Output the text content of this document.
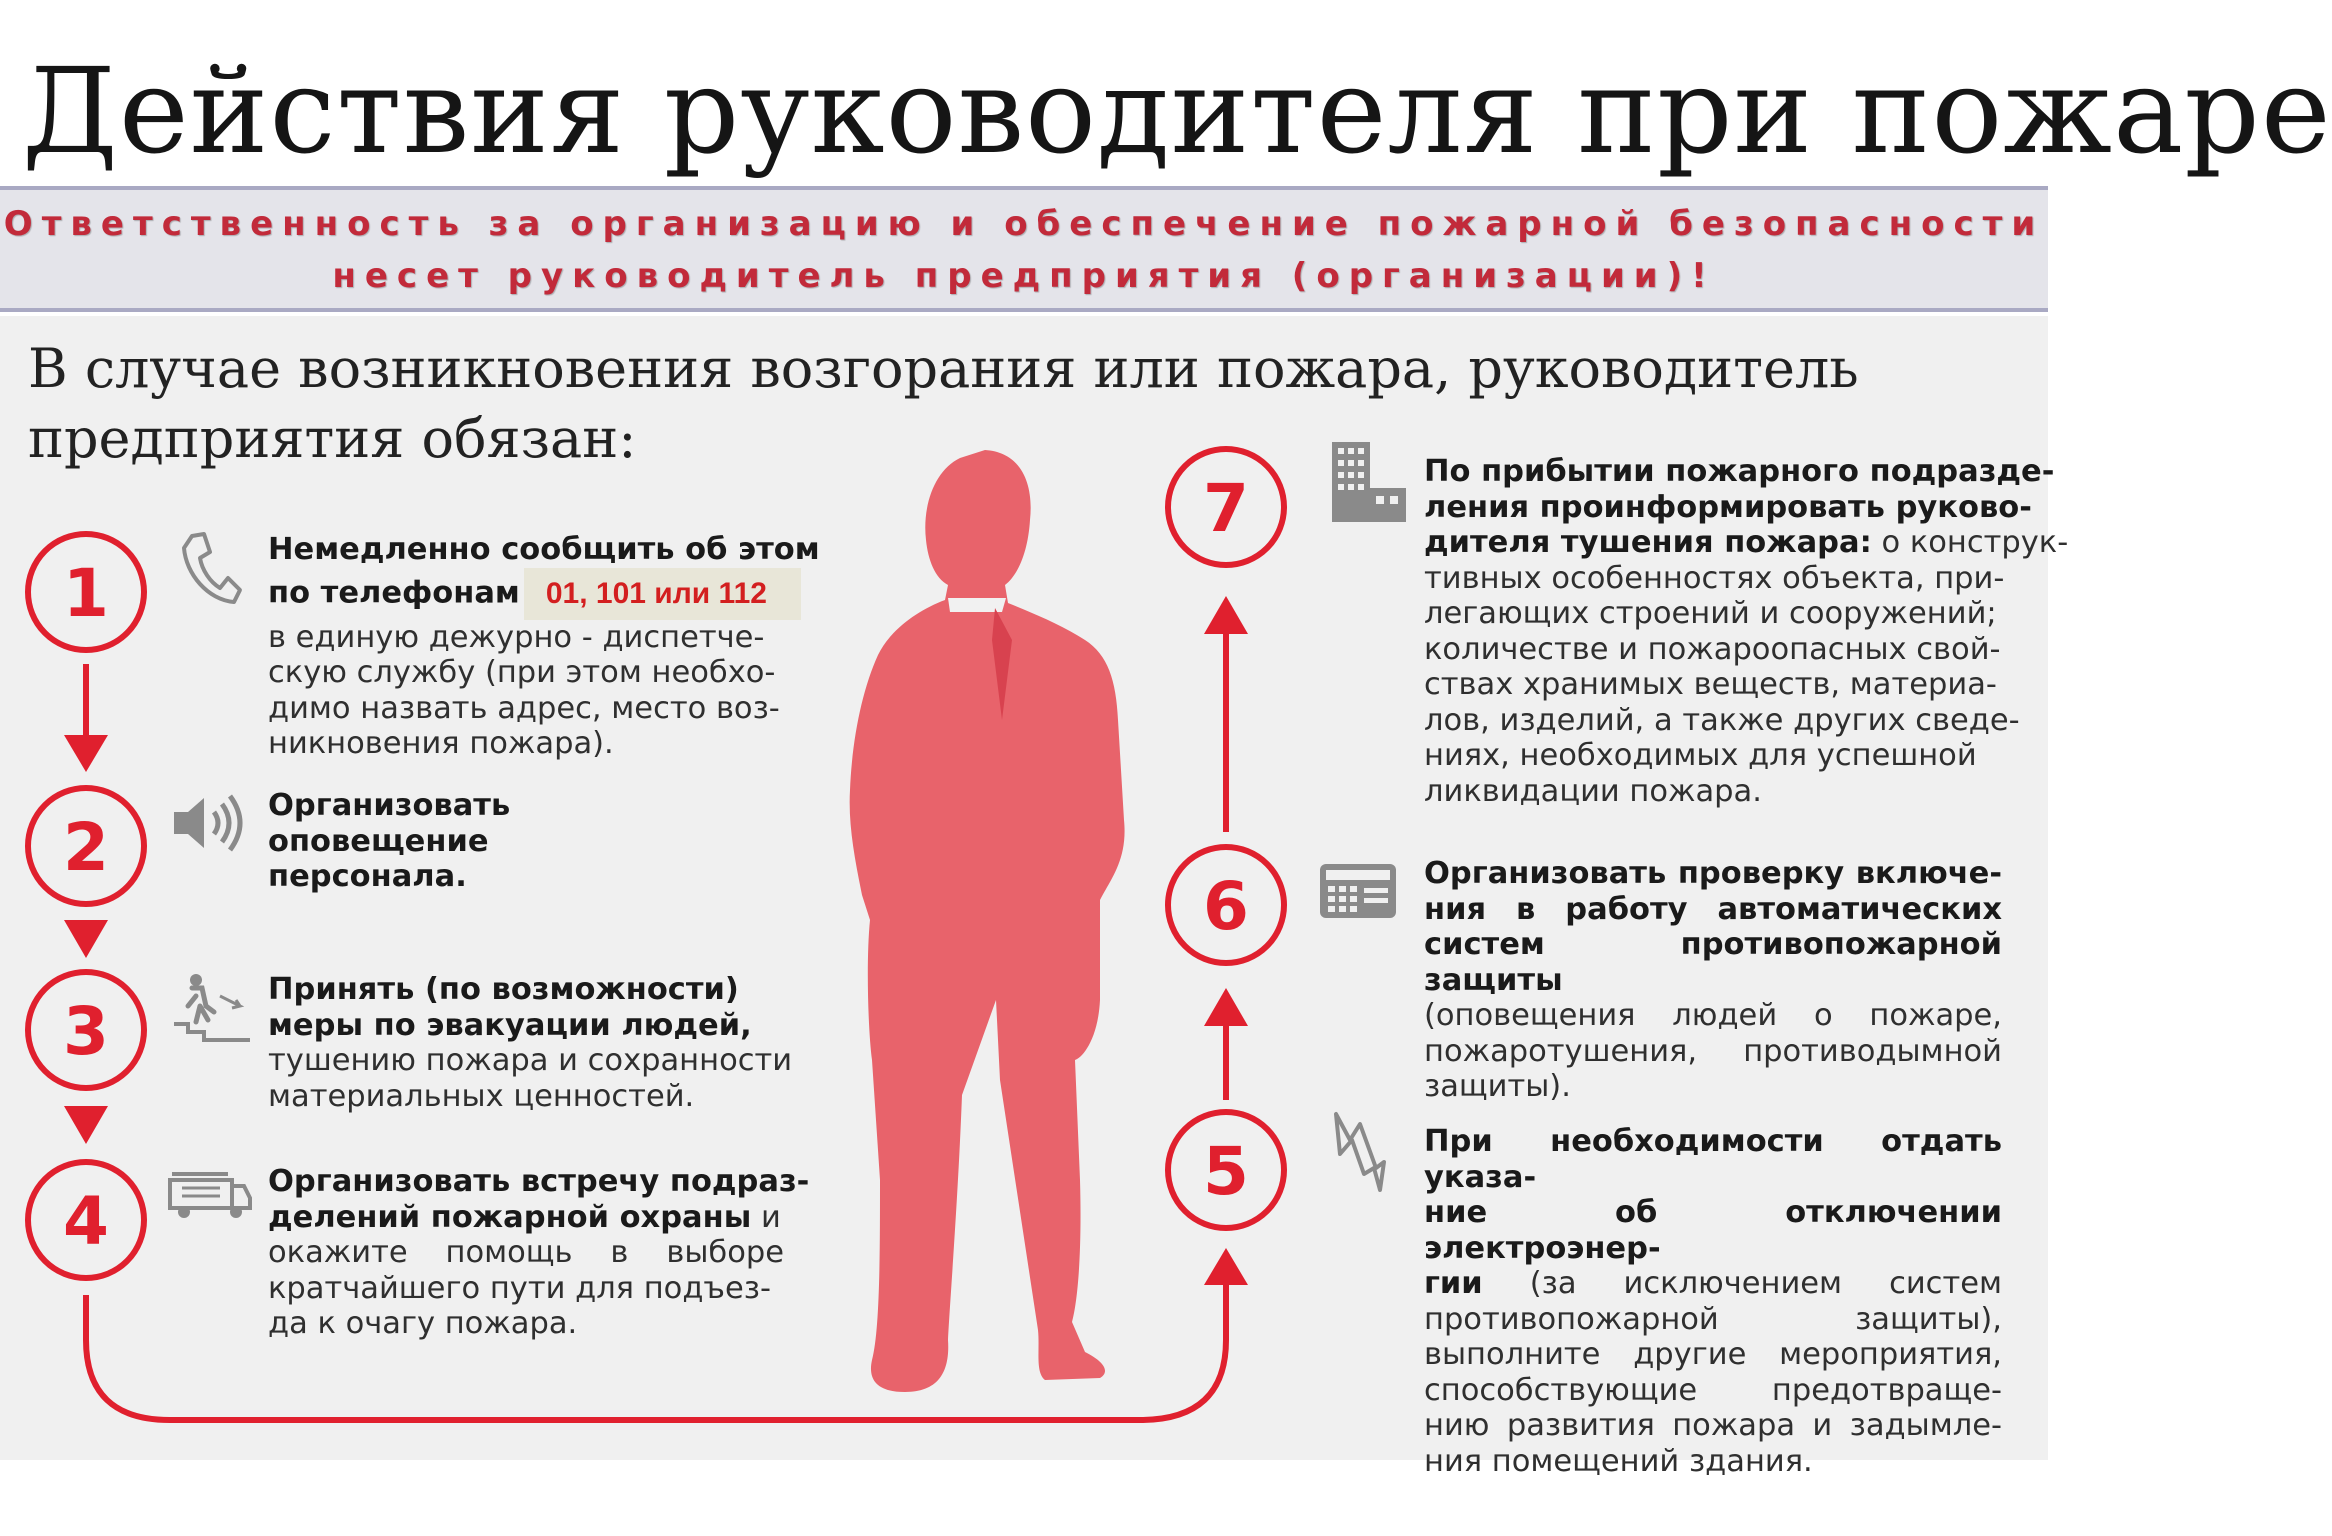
Действия руководителя при пожаре

Ответственность за организацию и обеспечение пожарной безопасности

несет руководитель предприятия (организации)!

В случае возникновения возгорания или пожара, руководитель
предприятия обязан:

1
2
3
4
5
6
7
Немедленно сообщить об этом
по телефонам 01, 101 или 112
в единую дежурно - диспетче-
скую службу (при этом необхо-
димо назвать адрес, место воз-
никновения пожара).
Организовать
оповещение
персонала.
Принять (по возможности)
меры по эвакуации людей,
тушению пожара и сохранности
материальных ценностей.
Организовать встречу подраз-
делений пожарной охраны и
окажите помощь в выборе
кратчайшего пути для подъез-
да к очагу пожара.
По прибытии пожарного подразде-
ления проинформировать руково-
дителя тушения пожара: о конструк-
тивных особенностях объекта, при-
легающих строений и сооружений;
количестве и пожароопасных свой-
ствах хранимых веществ, материа-
лов, изделий, а также других сведе-
ниях, необходимых для успешной
ликвидации пожара.
Организовать проверку включе-
ния в работу автоматических
систем противопожарной защиты
(оповещения людей о пожаре,
пожаротушения, противодымной
защиты).
При необходимости отдать указа-
ние об отключении электроэнер-
гии (за исключением систем
противопожарной защиты),
выполните другие мероприятия,
способствующие предотвраще-
нию развития пожара и задымле-
ния помещений здания.
